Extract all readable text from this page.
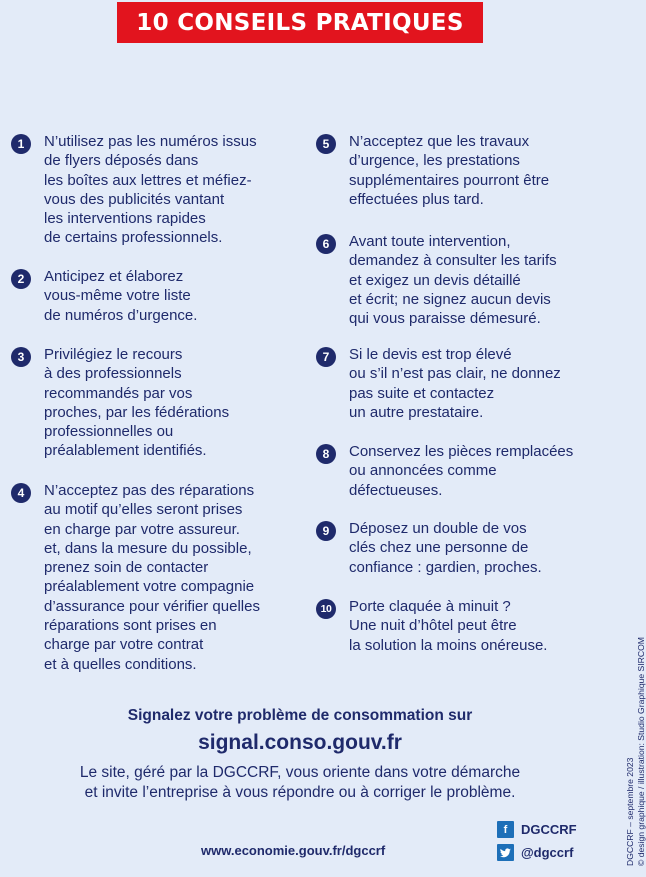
10 CONSEILS PRATIQUES
1	N’utilisez pas les numéros issus
de flyers déposés dans
les boîtes aux lettres et méfiez-
vous des publicités vantant
les interventions rapides
de certains professionnels.
2	Anticipez et élaborez
vous-même votre liste
de numéros d’urgence.
3	Privilégiez le recours
à des professionnels
recommandés par vos
proches, par les fédérations
professionnelles ou
préalablement identifiés.
4	N’acceptez pas des réparations
au motif qu’elles seront prises
en charge par votre assureur.
et, dans la mesure du possible,
prenez soin de contacter
préalablement votre compagnie
d’assurance pour vérifier quelles
réparations sont prises en
charge par votre contrat
et à quelles conditions.
5	N’acceptez que les travaux
d’urgence, les prestations
supplémentaires pourront être
effectuées plus tard.
6	Avant toute intervention,
demandez à consulter les tarifs
et exigez un devis détaillé
et écrit; ne signez aucun devis
qui vous paraisse démesuré.
7	Si le devis est trop élevé
ou s’il n’est pas clair, ne donnez
pas suite et contactez
un autre prestataire.
8	Conservez les pièces remplacées
ou annoncées comme
défectueuses.
9	Déposez un double de vos
clés chez une personne de
confiance : gardien, proches.
10	Porte claquée à minuit ?
Une nuit d’hôtel peut être
la solution la moins onéreuse.
Signalez votre problème de consommation sur
signal.conso.gouv.fr
Le site, géré par la DGCCRF, vous oriente dans votre démarche
et invite l’entreprise à vous répondre ou à corriger le problème.
www.economie.gouv.fr/dgccrf
f	DGCCRF
@dgccrf	DGCCRF – septembre 2023 © design graphique / illustration: Studio Graphique SIRCOM
